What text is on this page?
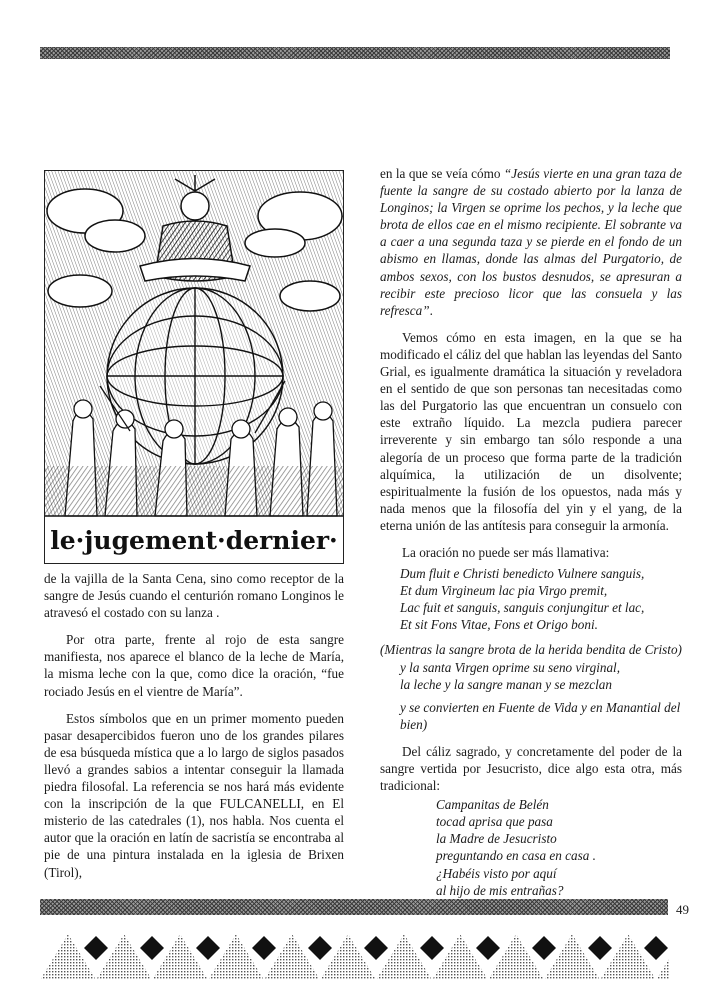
le·jugement·dernier·

de la vajilla de la Santa Cena, sino como receptor de la sangre de Jesús cuando el centurión romano Longinos le atravesó el costado con su lanza .

Por otra parte, frente al rojo de esta sangre manifiesta, nos aparece el blanco de la leche de María, la misma leche con la que, como dice la oración, “fue rociado Jesús en el vientre de María”.

Estos símbolos que en un primer momento pueden pasar desapercibidos fueron uno de los grandes pilares de esa búsqueda mística que a lo largo de siglos pasados llevó a grandes sabios a intentar conseguir la llamada piedra filosofal. La referencia se nos hará más evidente con la inscripción de la que FULCANELLI, en El misterio de las catedrales (1), nos habla. Nos cuenta el autor que la oración en latín de sacristía se encontraba al pie de una pintura instalada en la iglesia de Brixen (Tirol),

en la que se veía cómo “Jesús vierte en una gran taza de fuente la sangre de su costado abierto por la lanza de Longinos; la Virgen se oprime los pechos, y la leche que brota de ellos cae en el mismo recipiente. El sobrante va a caer a una segunda taza y se pierde en el fondo de un abismo en llamas, donde las almas del Purgatorio, de ambos sexos, con los bustos desnudos, se apresuran a recibir este precioso licor que las consuela y las refresca”.

Vemos cómo en esta imagen, en la que se ha modificado el cáliz del que hablan las leyendas del Santo Grial, es igualmente dramática la situación y reveladora en el sentido de que son personas tan necesitadas como las del Purgatorio las que encuentran un consuelo con este extraño líquido. La mezcla pudiera parecer irreverente y sin embargo tan sólo responde a una alegoría de un proceso que forma parte de la tradición alquímica, la utilización de un disolvente; espiritualmente la fusión de los opuestos, nada más y nada menos que la filosofía del yin y el yang, de la eterna unión de las antítesis para conseguir la armonía.

La oración no puede ser más llamativa:

Dum fluit e Christi benedicto Vulnere sanguis,

Et dum Virgineum lac pia Virgo premit,

Lac fuit et sanguis, sanguis conjungitur et lac,

Et sit Fons Vitae, Fons et Origo boni.

(Mientras la sangre brota de la herida bendita de Cristo)

y la santa Virgen oprime su seno virginal,

la leche y la sangre manan y se mezclan

y se convierten en Fuente de Vida y en Manantial del bien)

Del cáliz sagrado, y concretamente del poder de la sangre vertida por Jesucristo, dice algo esta otra, más tradicional:

Campanitas de Belén

tocad aprisa que pasa

la Madre de Jesucristo

preguntando en casa en casa .

¿Habéis visto por aquí

al hijo de mis entrañas?

49
